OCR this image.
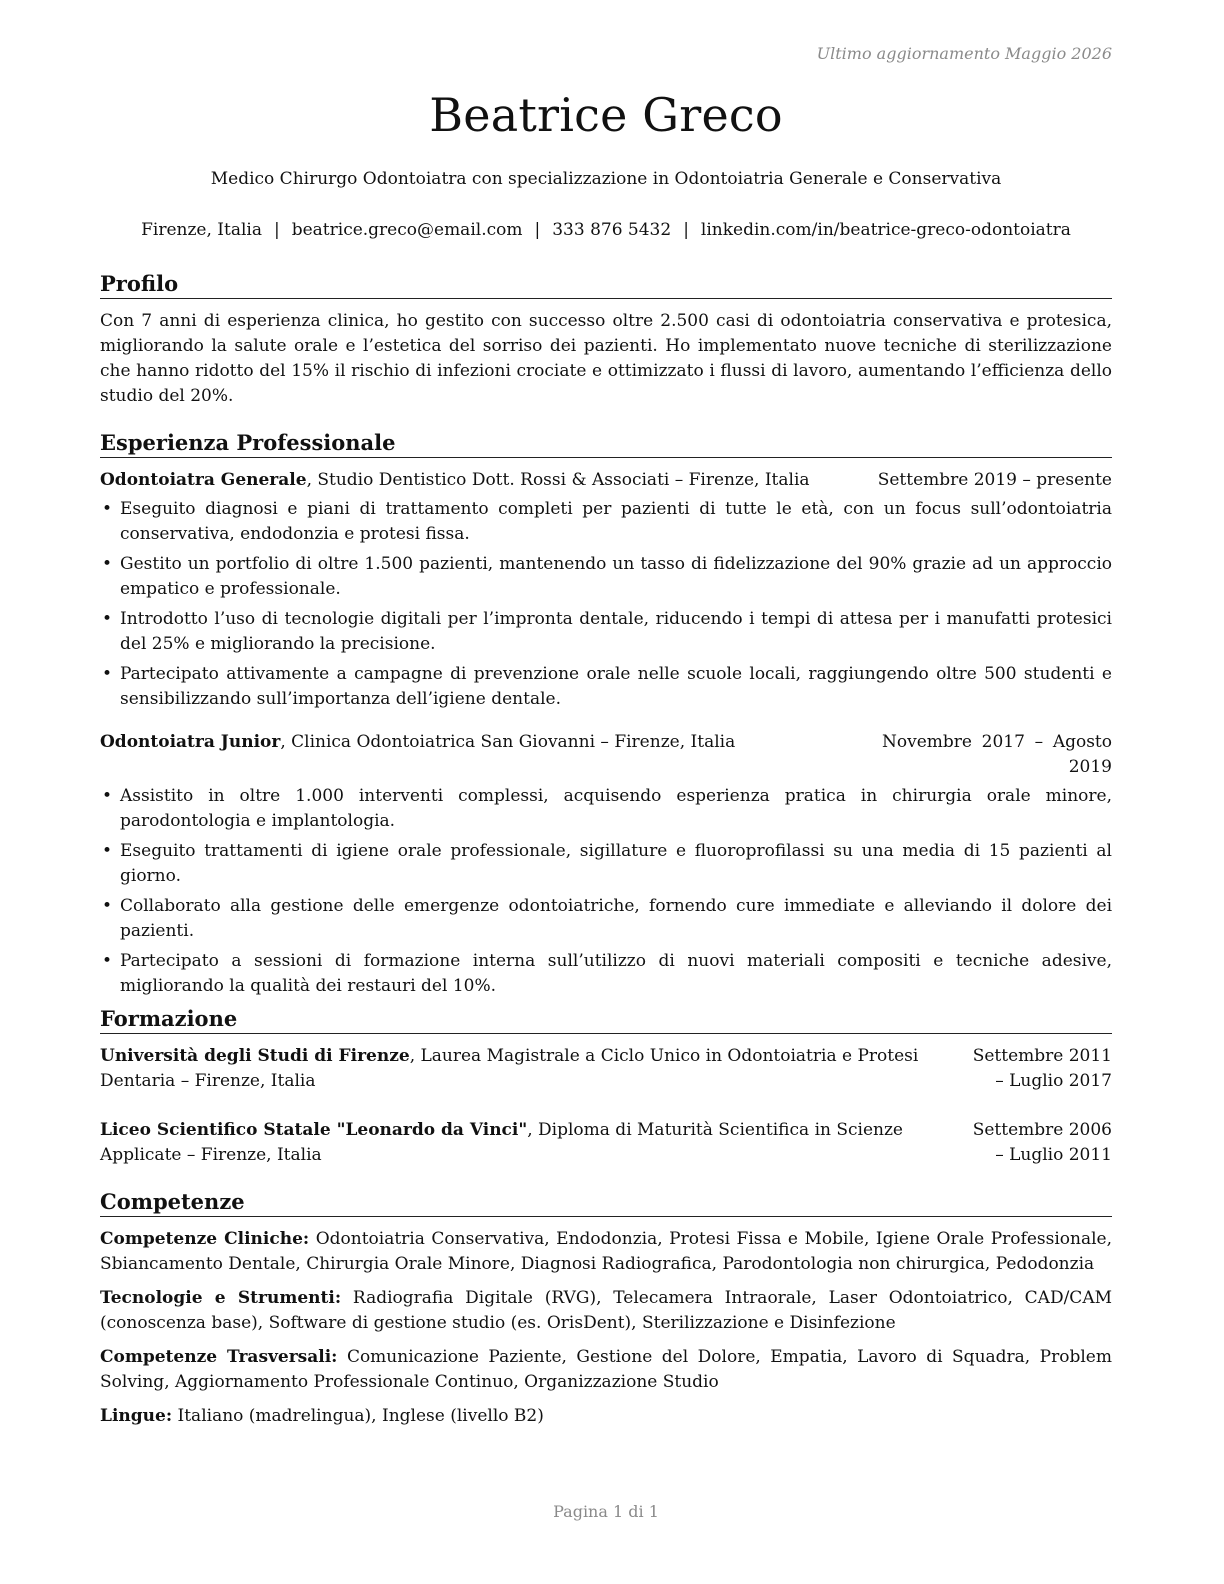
Ultimo aggiornamento Maggio 2026
Beatrice Greco
Medico Chirurgo Odontoiatra con specializzazione in Odontoiatria Generale e Conservativa
Firenze, Italia | beatrice.greco@email.com | 333 876 5432 | linkedin.com/in/beatrice-greco-odontoiatra
Profilo

Con 7 anni di esperienza clinica, ho gestito con successo oltre 2.500 casi di odontoiatria conservativa e protesica, migliorando la salute orale e l’estetica del sorriso dei pazienti. Ho implementato nuove tecniche di sterilizzazione che hanno ridotto del 15% il rischio di infezioni crociate e ottimizzato i flussi di lavoro, aumentando l’efficienza dello studio del 20%.

Esperienza Professionale
Odontoiatra Generale, Studio Dentistico Dott. Rossi & Associati – Firenze, Italia	Settembre 2019 – presente
• Eseguito diagnosi e piani di trattamento completi per pazienti di tutte le età, con un focus sull’odontoiatria conservativa, endodonzia e protesi fissa.
• Gestito un portfolio di oltre 1.500 pazienti, mantenendo un tasso di fidelizzazione del 90% grazie ad un approccio empatico e professionale.
• Introdotto l’uso di tecnologie digitali per l’impronta dentale, riducendo i tempi di attesa per i manufatti protesici del 25% e migliorando la precisione.
• Partecipato attivamente a campagne di prevenzione orale nelle scuole locali, raggiungendo oltre 500 studenti e sensibilizzando sull’importanza dell’igiene dentale.
Odontoiatra Junior, Clinica Odontoiatrica San Giovanni – Firenze, Italia	Novembre 2017 – Agosto 2019
• Assistito in oltre 1.000 interventi complessi, acquisendo esperienza pratica in chirurgia orale minore, parodontologia e implantologia.
• Eseguito trattamenti di igiene orale professionale, sigillature e fluoroprofilassi su una media di 15 pazienti al giorno.
• Collaborato alla gestione delle emergenze odontoiatriche, fornendo cure immediate e alleviando il dolore dei pazienti.
• Partecipato a sessioni di formazione interna sull’utilizzo di nuovi materiali compositi e tecniche adesive, migliorando la qualità dei restauri del 10%.
Formazione
Università degli Studi di Firenze, Laurea Magistrale a Ciclo Unico in Odontoiatria e Protesi Dentaria – Firenze, Italia
Settembre 2011 – Luglio 2017
Liceo Scientifico Statale "Leonardo da Vinci", Diploma di Maturità Scientifica in Scienze Applicate – Firenze, Italia
Settembre 2006 – Luglio 2011
Competenze

Competenze Cliniche: Odontoiatria Conservativa, Endodonzia, Protesi Fissa e Mobile, Igiene Orale Professionale, Sbiancamento Dentale, Chirurgia Orale Minore, Diagnosi Radiografica, Parodontologia non chirurgica, Pedodonzia

Tecnologie e Strumenti: Radiografia Digitale (RVG), Telecamera Intraorale, Laser Odontoiatrico, CAD/CAM (conoscenza base), Software di gestione studio (es. OrisDent), Sterilizzazione e Disinfezione

Competenze Trasversali: Comunicazione Paziente, Gestione del Dolore, Empatia, Lavoro di Squadra, Problem Solving, Aggiornamento Professionale Continuo, Organizzazione Studio

Lingue: Italiano (madrelingua), Inglese (livello B2)

Pagina 1 di 1
